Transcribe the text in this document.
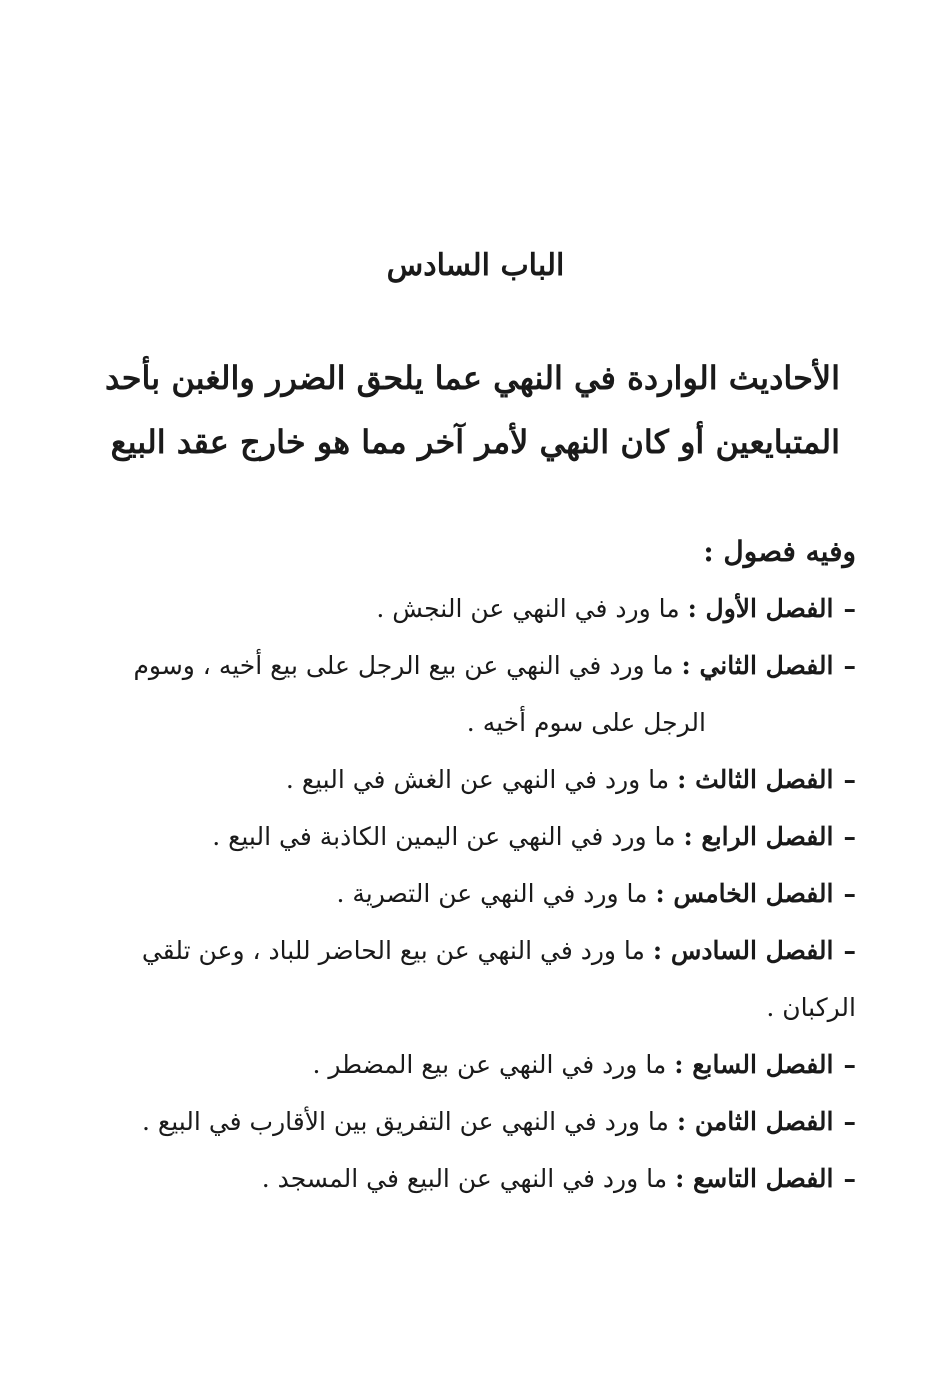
الباب السادس
الأحاديث الواردة في النهي عما يلحق الضرر والغبن بأحد
المتبايعين أو كان النهي لأمر آخر مما هو خارج عقد البيع

وفيه فصول :

–الفصل الأول : ما ورد في النهي عن النجش .
–الفصل الثاني : ما ورد في النهي عن بيع الرجل على بيع أخيه ، وسوم
الرجل على سوم أخيه .
–الفصل الثالث : ما ورد في النهي عن الغش في البيع .
–الفصل الرابع : ما ورد في النهي عن اليمين الكاذبة في البيع .
–الفصل الخامس : ما ورد في النهي عن التصرية .
–الفصل السادس : ما ورد في النهي عن بيع الحاضر للباد ، وعن تلقي الركبان .
–الفصل السابع : ما ورد في النهي عن بيع المضطر .
–الفصل الثامن : ما ورد في النهي عن التفريق بين الأقارب في البيع .
–الفصل التاسع : ما ورد في النهي عن البيع في المسجد .
